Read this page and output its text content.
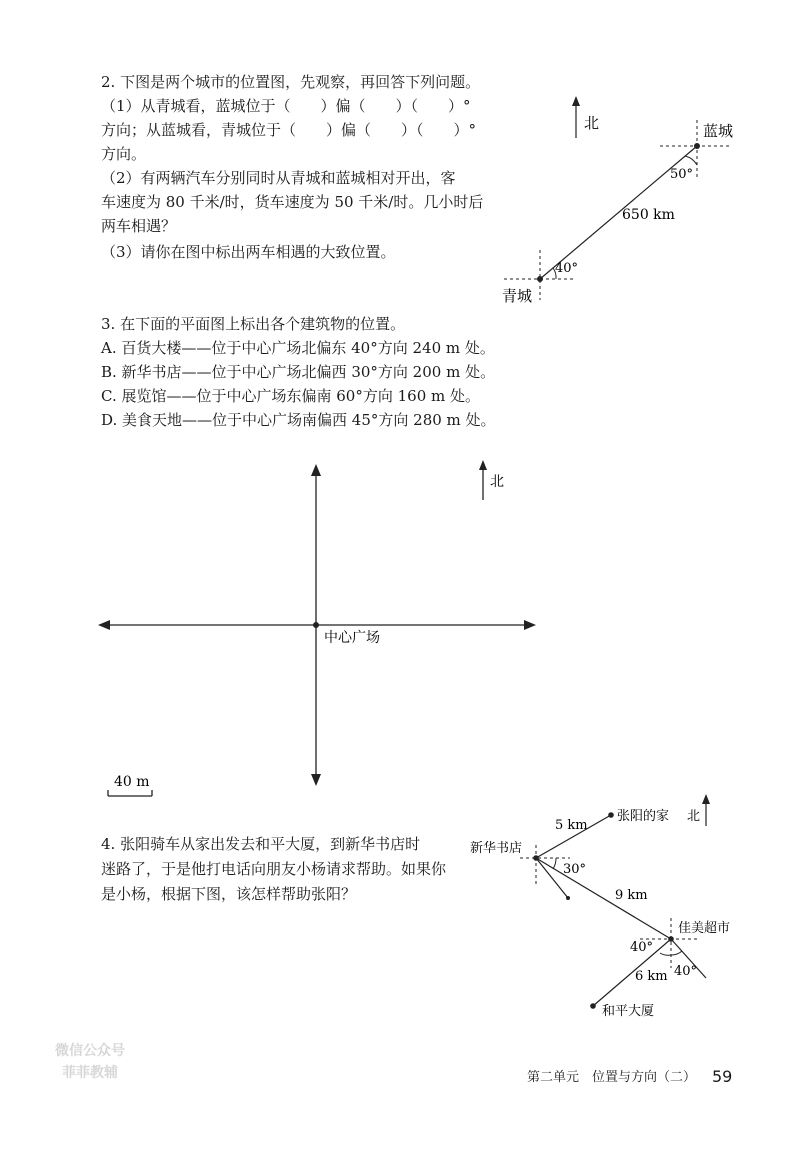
2. 下图是两个城市的位置图，先观察，再回答下列问题。
（1）从青城看，蓝城位于（　　）偏（　　）（　　）°
方向；从蓝城看，青城位于（　　）偏（　　）（　　）°
方向。
（2）有两辆汽车分别同时从青城和蓝城相对开出，客
车速度为 80 千米/时，货车速度为 50 千米/时。几小时后
两车相遇？
（3）请你在图中标出两车相遇的大致位置。
北	蓝城
青城
50°
40°
650 km
3. 在下面的平面图上标出各个建筑物的位置。
A. 百货大楼——位于中心广场北偏东 40°方向 240 m 处。
B. 新华书店——位于中心广场北偏西 30°方向 200 m 处。
C. 展览馆——位于中心广场东偏南 60°方向 160 m 处。
D. 美食天地——位于中心广场南偏西 45°方向 280 m 处。
北
中心广场
40 m
4. 张阳骑车从家出发去和平大厦，到新华书店时
迷路了，于是他打电话向朋友小杨请求帮助。如果你
是小杨，根据下图，该怎样帮助张阳？
张阳的家
新华书店
佳美超市
和平大厦
北
5 km
9 km
6 km
30°
40°
40°
微信公众号
菲菲教辅	第二单元　位置与方向（二） 59
